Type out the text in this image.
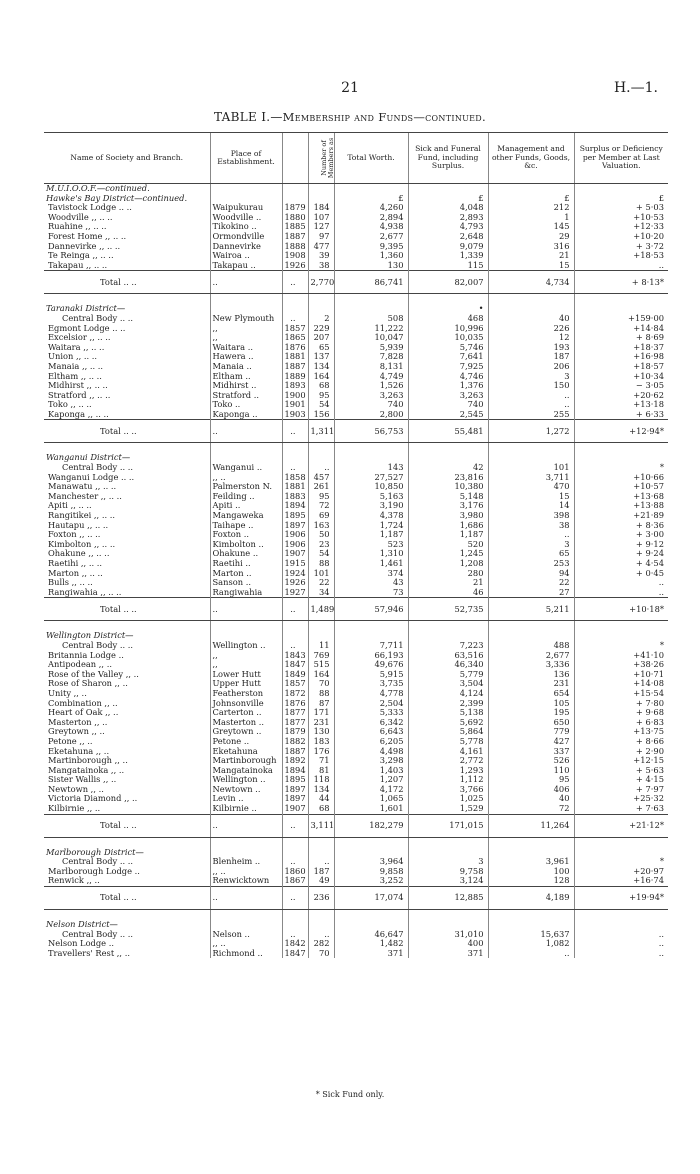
21	H.—1.
TABLE I.—Membership and Funds—continued.
Name of Society and Branch.	Place of Establishment.		Number of Members as	Total Worth.	Sick and Funeral Fund, including Surplus.	Management and other Funds, Goods, &c.	Surplus or Deficiency per Member at Last Valuation.
M.U.I.O.O.F.—continued.							
Hawke's Bay District—continued.				£	£	£	£
Tavistock Lodge .. ..	Waipukurau	1879	184	4,260	4,048	212	+ 5·03
Woodville ,, .. ..	Woodville ..	1880	107	2,894	2,893	1	+10·53
Ruahine ,, .. ..	Tikokino ..	1885	127	4,938	4,793	145	+12·33
Forest Home ,, .. ..	Ormondville	1887	97	2,677	2,648	29	+10·20
Dannevirke ,, .. ..	Dannevirke	1888	477	9,395	9,079	316	+ 3·72
Te Reinga ,, .. ..	Wairoa ..	1908	39	1,360	1,339	21	+18·53
Takapau ,, .. ..	Takapau ..	1926	38	130	115	15	..
Total .. ..	..	..	2,770	86,741	82,007	4,734	+ 8·13*

Taranaki District—					•		
Central Body .. ..	New Plymouth	..	2	508	468	40	+159·00
Egmont Lodge .. ..	,,	1857	229	11,222	10,996	226	+14·84
Excelsior ,, .. ..	,,	1865	207	10,047	10,035	12	+ 8·69
Waitara ,, .. ..	Waitara ..	1876	65	5,939	5,746	193	+18·37
Union ,, .. ..	Hawera ..	1881	137	7,828	7,641	187	+16·98
Manaia ,, .. ..	Manaia ..	1887	134	8,131	7,925	206	+18·57
Eltham ,, .. ..	Eltham ..	1889	164	4,749	4,746	3	+10·34
Midhirst ,, .. ..	Midhirst ..	1893	68	1,526	1,376	150	− 3·05
Stratford ,, .. ..	Stratford ..	1900	95	3,263	3,263	..	+20·62
Toko ,, .. ..	Toko ..	1901	54	740	740	..	+13·18
Kaponga ,, .. ..	Kaponga ..	1903	156	2,800	2,545	255	+ 6·33
Total .. ..	..	..	1,311	56,753	55,481	1,272	+12·94*

Wanganui District—							
Central Body .. ..	Wanganui ..	..	..	143	42	101	*
Wanganui Lodge .. ..	,, ..	1858	457	27,527	23,816	3,711	+10·66
Manawatu ,, .. ..	Palmerston N.	1881	261	10,850	10,380	470	+10·57
Manchester ,, .. ..	Feilding ..	1883	95	5,163	5,148	15	+13·68
Apiti ,, .. ..	Apiti ..	1894	72	3,190	3,176	14	+13·88
Rangitikei ,, .. ..	Mangaweka	1895	69	4,378	3,980	398	+21·89
Hautapu ,, .. ..	Taihape ..	1897	163	1,724	1,686	38	+ 8·36
Foxton ,, .. ..	Foxton ..	1906	50	1,187	1,187	..	+ 3·00
Kimbolton ,, .. ..	Kimbolton ..	1906	23	523	520	3	+ 9·12
Ohakune ,, .. ..	Ohakune ..	1907	54	1,310	1,245	65	+ 9·24
Raetihi ,, .. ..	Raetihi ..	1915	88	1,461	1,208	253	+ 4·54
Marton ,, .. ..	Marton ..	1924	101	374	280	94	+ 0·45
Bulls ,, .. ..	Sanson ..	1926	22	43	21	22	..
Rangiwahia ,, .. ..	Rangiwahia	1927	34	73	46	27	..
Total .. ..	..	..	1,489	57,946	52,735	5,211	+10·18*

Wellington District—							
Central Body .. ..	Wellington ..	..	11	7,711	7,223	488	*
Britannia Lodge ..	,,	1843	769	66,193	63,516	2,677	+41·10
Antipodean ,, ..	,,	1847	515	49,676	46,340	3,336	+38·26
Rose of the Valley ,, ..	Lower Hutt	1849	164	5,915	5,779	136	+10·71
Rose of Sharon ,, ..	Upper Hutt	1857	70	3,735	3,504	231	+14·08
Unity ,, ..	Featherston	1872	88	4,778	4,124	654	+15·54
Combination ,, ..	Johnsonville	1876	87	2,504	2,399	105	+ 7·80
Heart of Oak ,, ..	Carterton ..	1877	171	5,333	5,138	195	+ 9·68
Masterton ,, ..	Masterton ..	1877	231	6,342	5,692	650	+ 6·83
Greytown ,, ..	Greytown ..	1879	130	6,643	5,864	779	+13·75
Petone ,, ..	Petone ..	1882	183	6,205	5,778	427	+ 8·66
Eketahuna ,, ..	Eketahuna	1887	176	4,498	4,161	337	+ 2·90
Martinborough ,, ..	Martinborough	1892	71	3,298	2,772	526	+12·15
Mangatainoka ,, ..	Mangatainoka	1894	81	1,403	1,293	110	+ 5·63
Sister Wallis ,, ..	Wellington ..	1895	118	1,207	1,112	95	+ 4·15
Newtown ,, ..	Newtown ..	1897	134	4,172	3,766	406	+ 7·97
Victoria Diamond ,, ..	Levin ..	1897	44	1,065	1,025	40	+25·32
Kilbirnie ,, ..	Kilbirnie ..	1907	68	1,601	1,529	72	+ 7·63
Total .. ..	..	..	3,111	182,279	171,015	11,264	+21·12*

Marlborough District—							
Central Body .. ..	Blenheim ..	..	..	3,964	3	3,961	*
Marlborough Lodge ..	,, ..	1860	187	9,858	9,758	100	+20·97
Renwick ,, ..	Renwicktown	1867	49	3,252	3,124	128	+16·74
Total .. ..	..	..	236	17,074	12,885	4,189	+19·94*

Nelson District—							
Central Body .. ..	Nelson ..	..	..	46,647	31,010	15,637	..
Nelson Lodge ..	,, ..	1842	282	1,482	400	1,082	..
Travellers' Rest ,, ..	Richmond ..	1847	70	371	371	..	..
* Sick Fund only.
